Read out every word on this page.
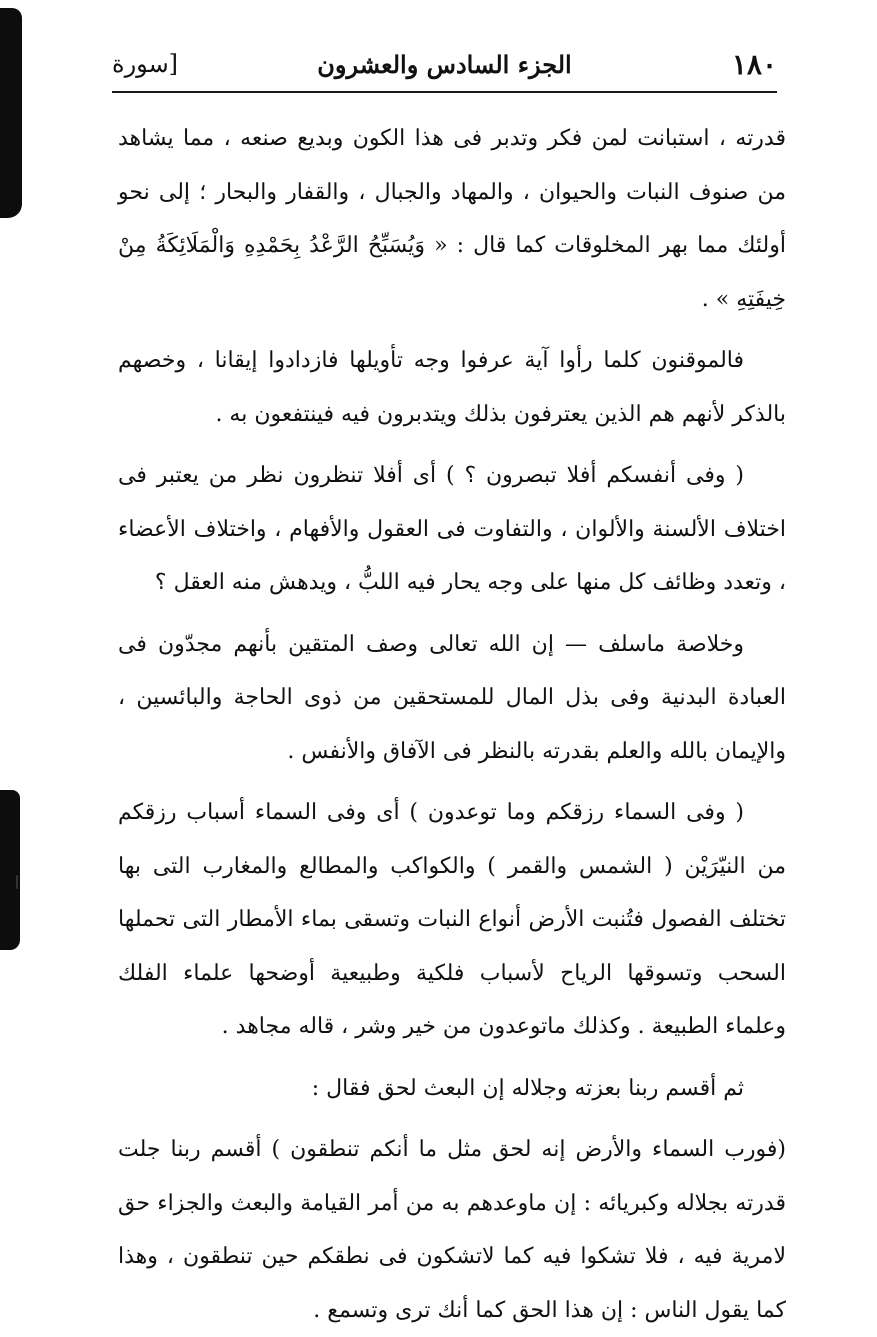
١٨٠
الجزء السادس والعشرون
[سورة

قدرته ، استبانت لمن فكر وتدبر فى هذا الكون وبديع صنعه ، مما يشاهد من صنوف النبات والحيوان ، والمهاد والجبال ، والقفار والبحار ؛ إلى نحو أولئك مما بهر المخلوقات كما قال : « وَيُسَبِّحُ الرَّعْدُ بِحَمْدِهِ وَالْمَلَائِكَةُ مِنْ خِيفَتِهِ » .

فالموقنون كلما رأوا آية عرفوا وجه تأويلها فازدادوا إيقانا ، وخصهم بالذكر لأنهم هم الذين يعترفون بذلك ويتدبرون فيه فينتفعون به .

( وفى أنفسكم أفلا تبصرون ؟ ) أى أفلا تنظرون نظر من يعتبر فى اختلاف الألسنة والألوان ، والتفاوت فى العقول والأفهام ، واختلاف الأعضاء ، وتعدد وظائف كل منها على وجه يحار فيه اللبُّ ، ويدهش منه العقل ؟

وخلاصة ماسلف — إن الله تعالى وصف المتقين بأنهم مجدّون فى العبادة البدنية وفى بذل المال للمستحقين من ذوى الحاجة والبائسين ، والإيمان بالله والعلم بقدرته بالنظر فى الآفاق والأنفس .

( وفى السماء رزقكم وما توعدون ) أى وفى السماء أسباب رزقكم من النيّرَيْن ( الشمس والقمر ) والكواكب والمطالع والمغارب التى بها تختلف الفصول فتُنبت الأرض أنواع النبات وتسقى بماء الأمطار التى تحملها السحب وتسوقها الرياح لأسباب فلكية وطبيعية أوضحها علماء الفلك وعلماء الطبيعة . وكذلك ماتوعدون من خير وشر ، قاله مجاهد .

ثم أقسم ربنا بعزته وجلاله إن البعث لحق فقال :

(فورب السماء والأرض إنه لحق مثل ما أنكم تنطقون ) أقسم ربنا جلت قدرته بجلاله وكبريائه : إن ماوعدهم به من أمر القيامة والبعث والجزاء حق لامرية فيه ، فلا تشكوا فيه كما لاتشكون فى نطقكم حين تنطقون ، وهذا كما يقول الناس : إن هذا الحق كما أنك ترى وتسمع .
